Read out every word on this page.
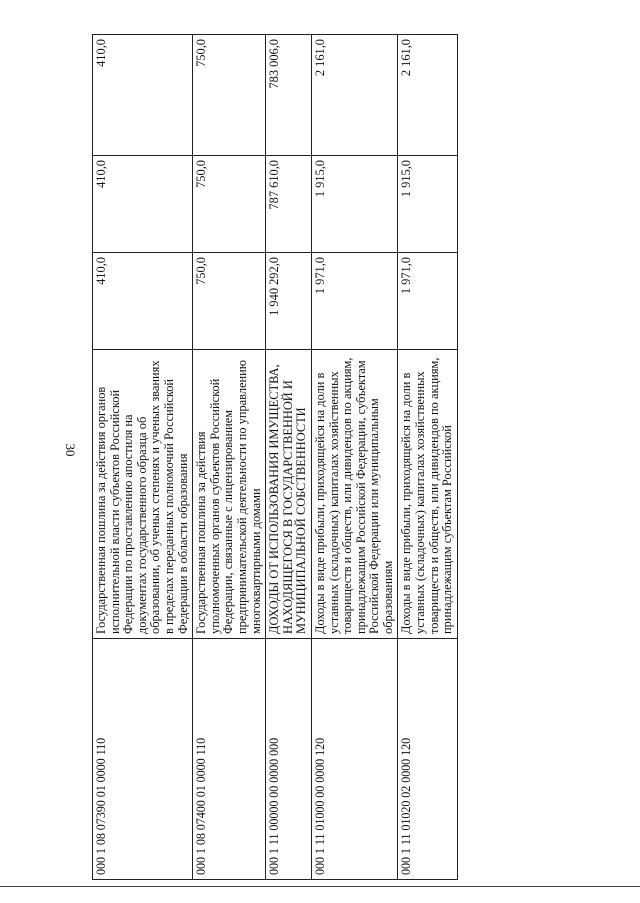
30
000 1 08 07390 01 0000 110	Государственная пошлина за действия органов исполнительной власти субъектов Российской Федерации по проставлению апостиля на документах государственного образца об образовании, об ученых степенях и ученых званиях в пределах переданных полномочий Российской Федерации в области образования	410,0	410,0	410,0
000 1 08 07400 01 0000 110	Государственная пошлина за действия уполномоченных органов субъектов Российской Федерации, связанные с лицензированием предпринимательской деятельности по управлению многоквартирными домами	750,0	750,0	750,0
000 1 11 00000 00 0000 000	ДОХОДЫ ОТ ИСПОЛЬЗОВАНИЯ ИМУЩЕСТВА, НАХОДЯЩЕГОСЯ В ГОСУДАРСТВЕННОЙ И МУНИЦИПАЛЬНОЙ СОБСТВЕННОСТИ	1 940 292,0	787 610,0	783 006,0
000 1 11 01000 00 0000 120	Доходы в виде прибыли, приходящейся на доли в уставных (складочных) капиталах хозяйственных товариществ и обществ, или дивидендов по акциям, принадлежащим Российской Федерации, субъектам Российской Федерации или муниципальным образованиям	1 971,0	1 915,0	2 161,0
000 1 11 01020 02 0000 120	Доходы в виде прибыли, приходящейся на доли в уставных (складочных) капиталах хозяйственных товариществ и обществ, или дивидендов по акциям, принадлежащим субъектам Российской	1 971,0	1 915,0	2 161,0
